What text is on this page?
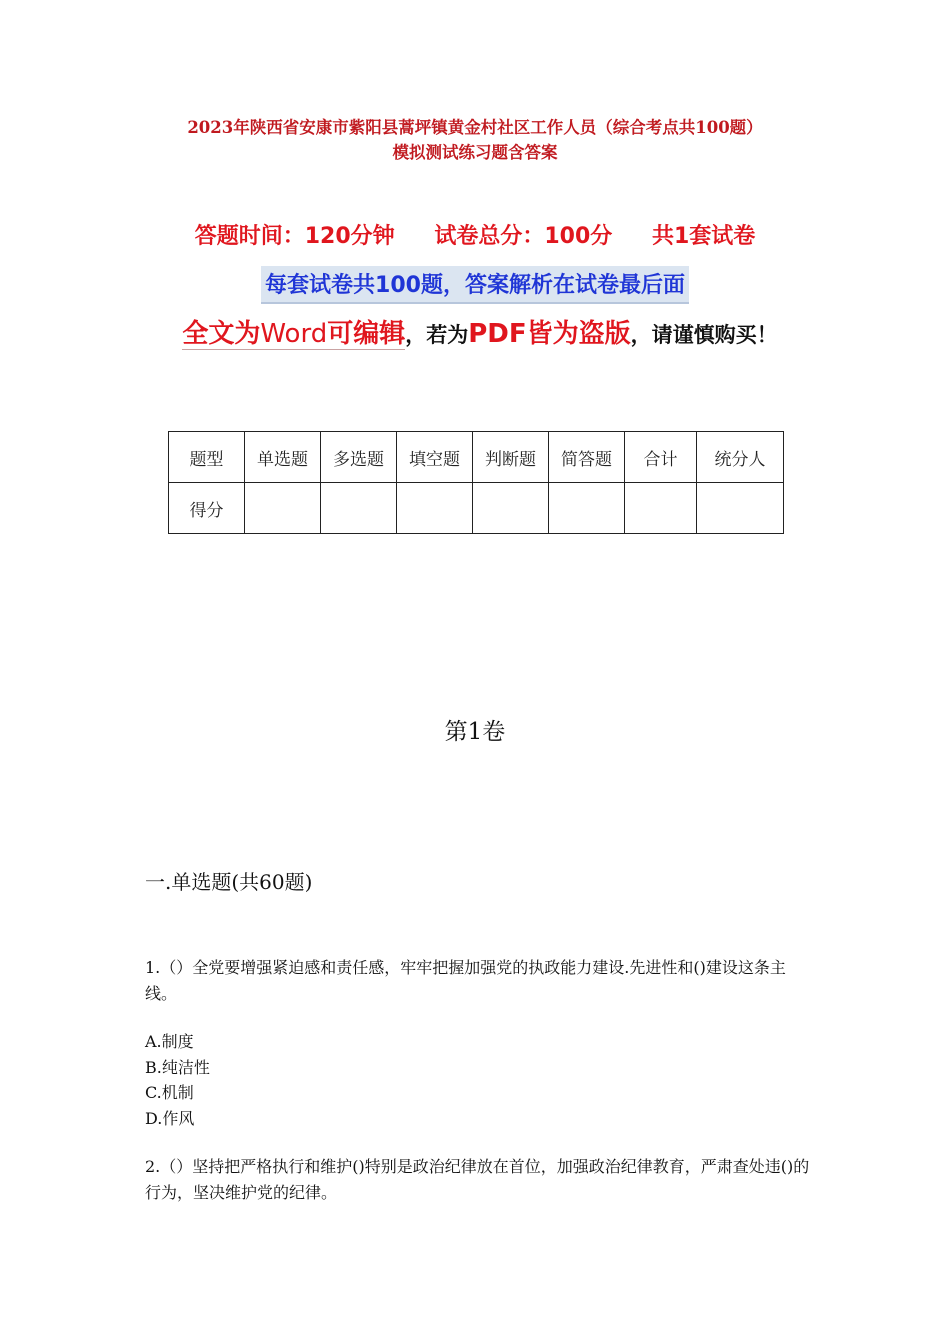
2023年陕西省安康市紫阳县蒿坪镇黄金村社区工作人员（综合考点共100题）
模拟测试练习题含答案
答题时间：120分钟 试卷总分：100分 共1套试卷
每套试卷共100题，答案解析在试卷最后面
全文为Word可编辑，若为PDF皆为盗版，请谨慎购买！
题型	单选题	多选题	填空题	判断题	简答题	合计	统分人
得分							
第1卷
一.单选题(共60题)
1.（）全党要增强紧迫感和责任感，牢牢把握加强党的执政能力建设.先进性和()建设这条主线。
A.制度
B.纯洁性
C.机制
D.作风
2.（）坚持把严格执行和维护()特别是政治纪律放在首位，加强政治纪律教育，严肃查处违()的行为，坚决维护党的纪律。
